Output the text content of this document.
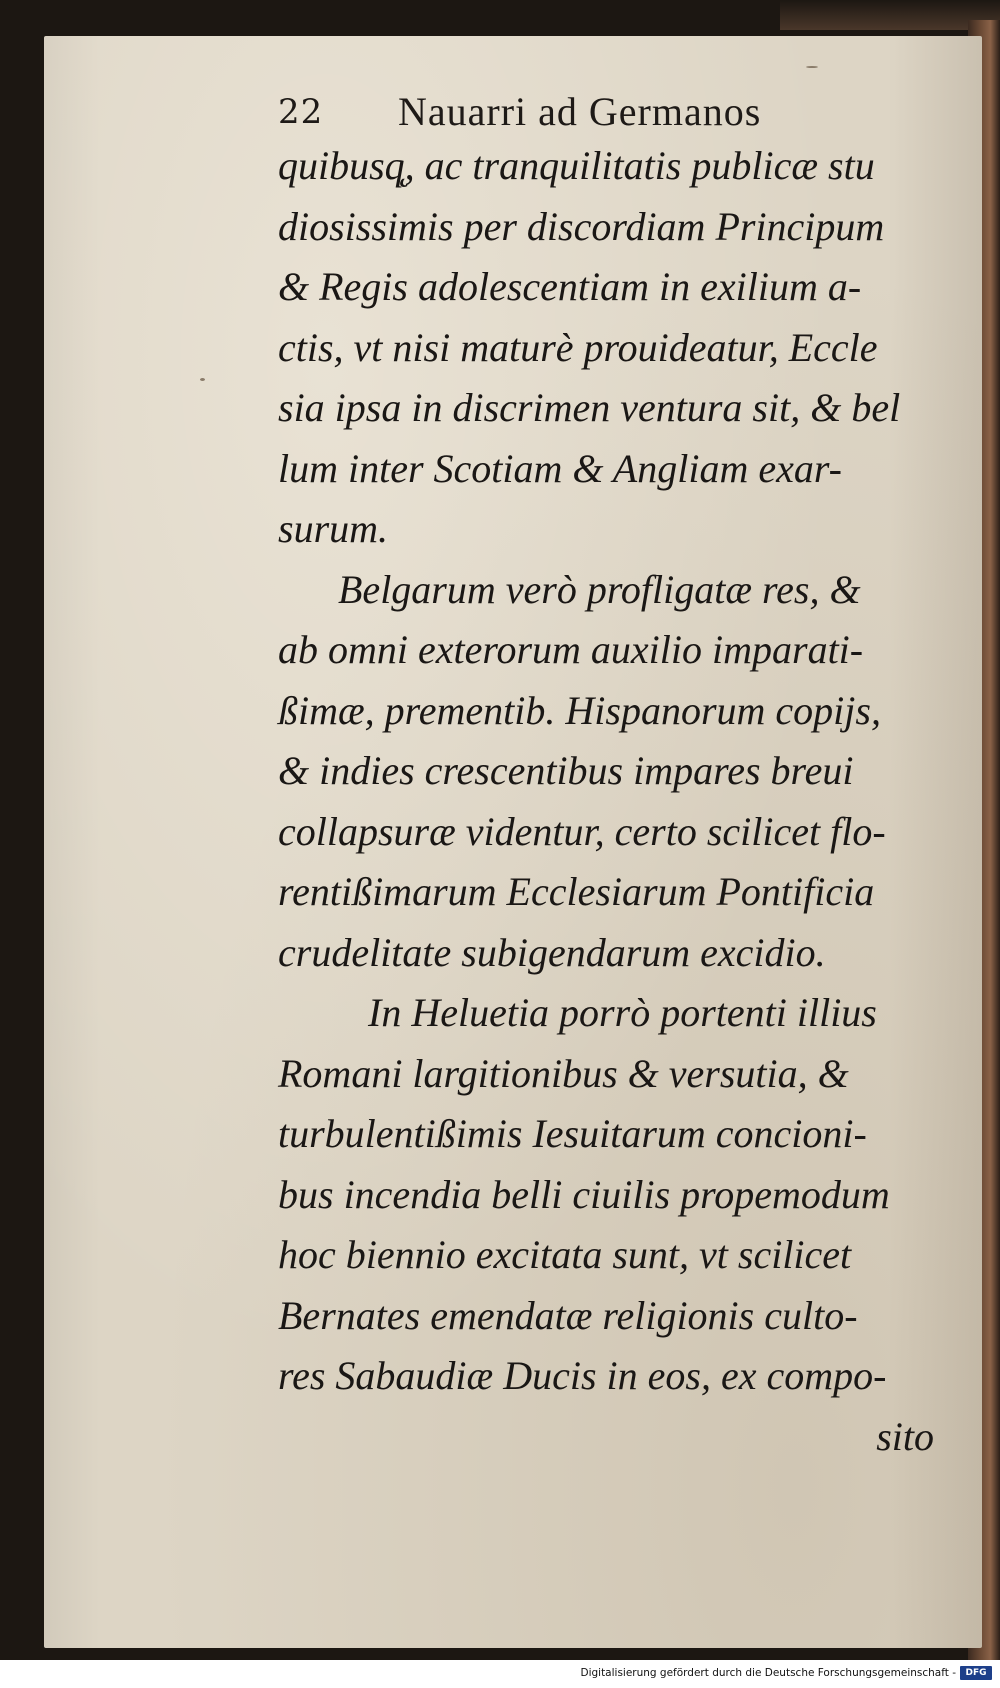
22 Nauarri ad Germanos
quibusq̨, ac tranquilitatis publicæ stu
diosissimis per discordiam Principum
& Regis adolescentiam in exilium a-
ctis, vt nisi maturè prouideatur, Eccle
sia ipsa in discrimen ventura sit, & bel
lum inter Scotiam & Angliam exar-
surum.
Belgarum verò profligatæ res, &
ab omni exterorum auxilio imparati-
ßimæ, prementib. Hispanorum copijs,
& indies crescentibus impares breui
collapsuræ videntur, certo scilicet flo-
rentißimarum Ecclesiarum Pontificia
crudelitate subigendarum excidio.
In Heluetia porrò portenti illius
Romani largitionibus & versutia, &
turbulentißimis Iesuitarum concioni-
bus incendia belli ciuilis propemodum
hoc biennio excitata sunt, vt scilicet
Bernates emendatæ religionis culto-
res Sabaudiæ Ducis in eos, ex compo-
sito
Digitalisierung gefördert durch die Deutsche Forschungsgemeinschaft -	DFG
